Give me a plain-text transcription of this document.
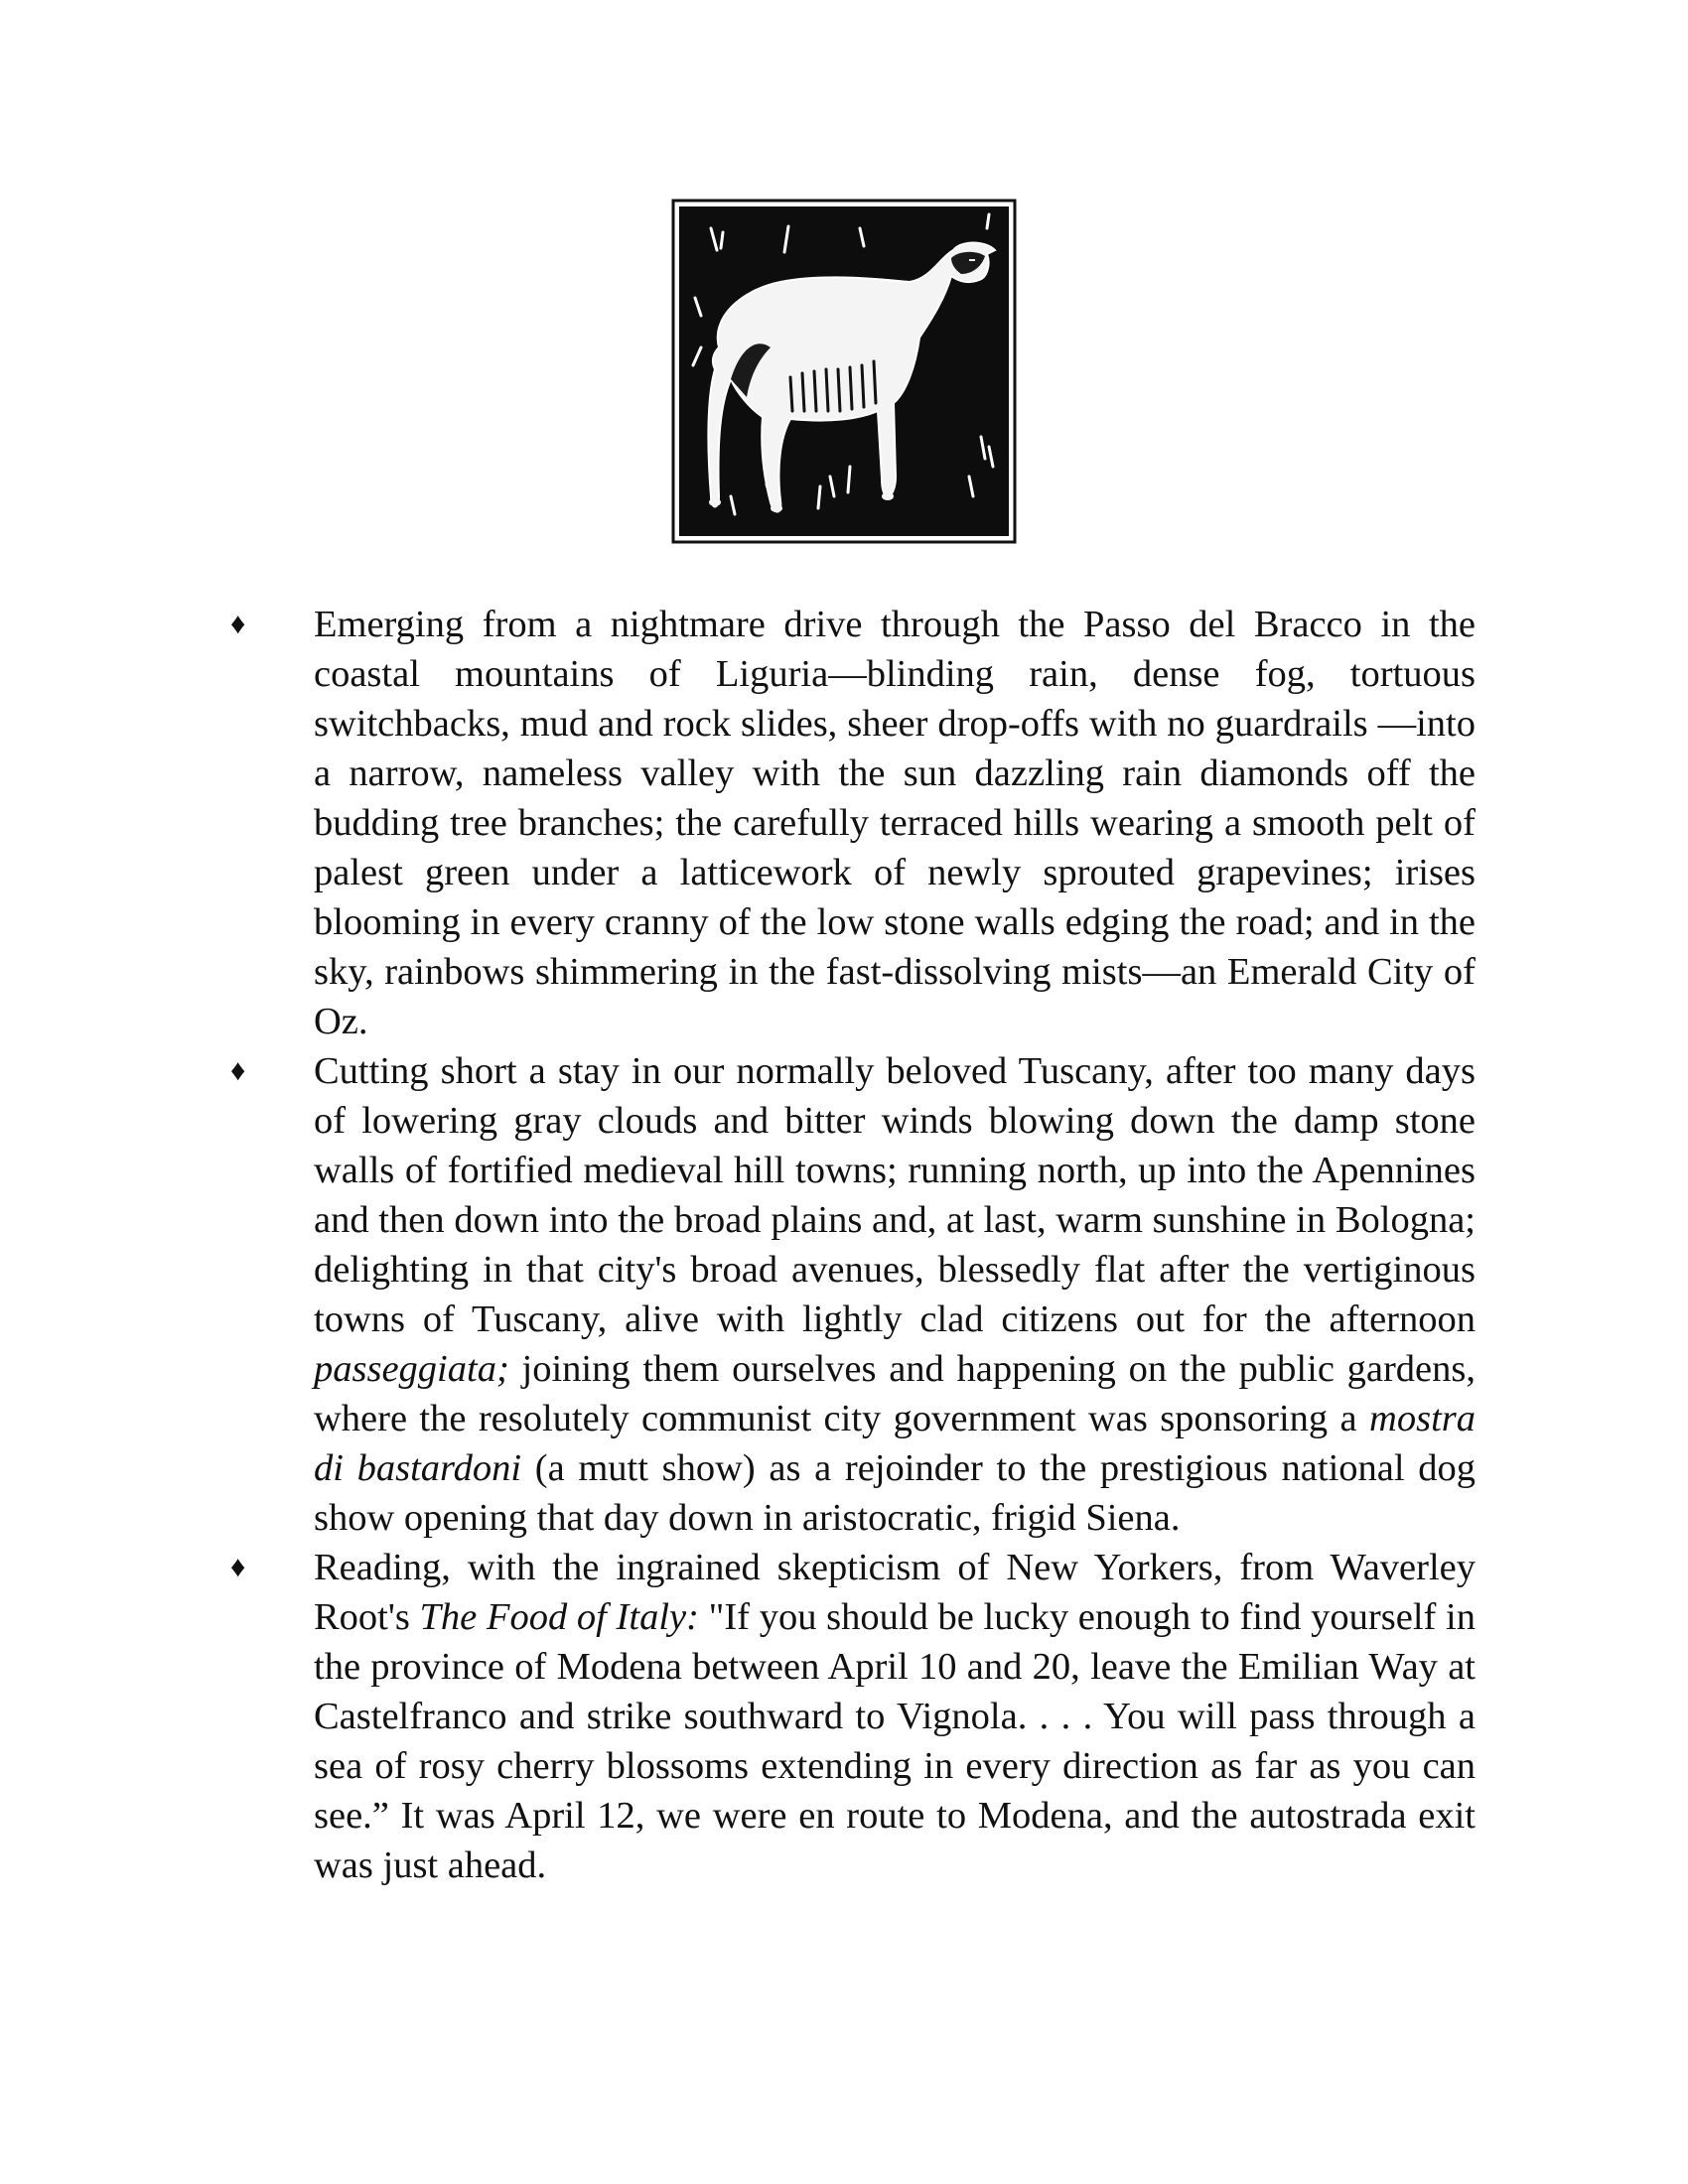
♦	Emerging from a nightmare drive through the Passo del Bracco in the coastal mountains of Liguria—blinding rain, dense fog, tortuous switchbacks, mud and rock slides, sheer drop-offs with no guardrails —into a narrow, nameless valley with the sun dazzling rain diamonds off the budding tree branches; the carefully terraced hills wearing a smooth pelt of palest green under a latticework of newly sprouted grapevines; irises blooming in every cranny of the low stone walls edging the road; and in the sky, rainbows shimmering in the fast-dissolving mists—an Emerald City of Oz.
♦	Cutting short a stay in our normally beloved Tuscany, after too many days of lowering gray clouds and bitter winds blowing down the damp stone walls of fortified medieval hill towns; running north, up into the Apennines and then down into the broad plains and, at last, warm sunshine in Bologna; delighting in that city's broad avenues, blessedly flat after the vertiginous towns of Tuscany, alive with lightly clad citizens out for the afternoon passeggiata; joining them ourselves and happening on the public gardens, where the resolutely communist city government was sponsoring a mostra di bastardoni (a mutt show) as a rejoinder to the prestigious national dog show opening that day down in aristocratic, frigid Siena.
♦	Reading, with the ingrained skepticism of New Yorkers, from Waverley Root's The Food of Italy: "If you should be lucky enough to find yourself in the province of Modena between April 10 and 20, leave the Emilian Way at Castelfranco and strike southward to Vignola. . . . You will pass through a sea of rosy cherry blossoms extending in every direction as far as you can see.” It was April 12, we were en route to Modena, and the autostrada exit was just ahead.
